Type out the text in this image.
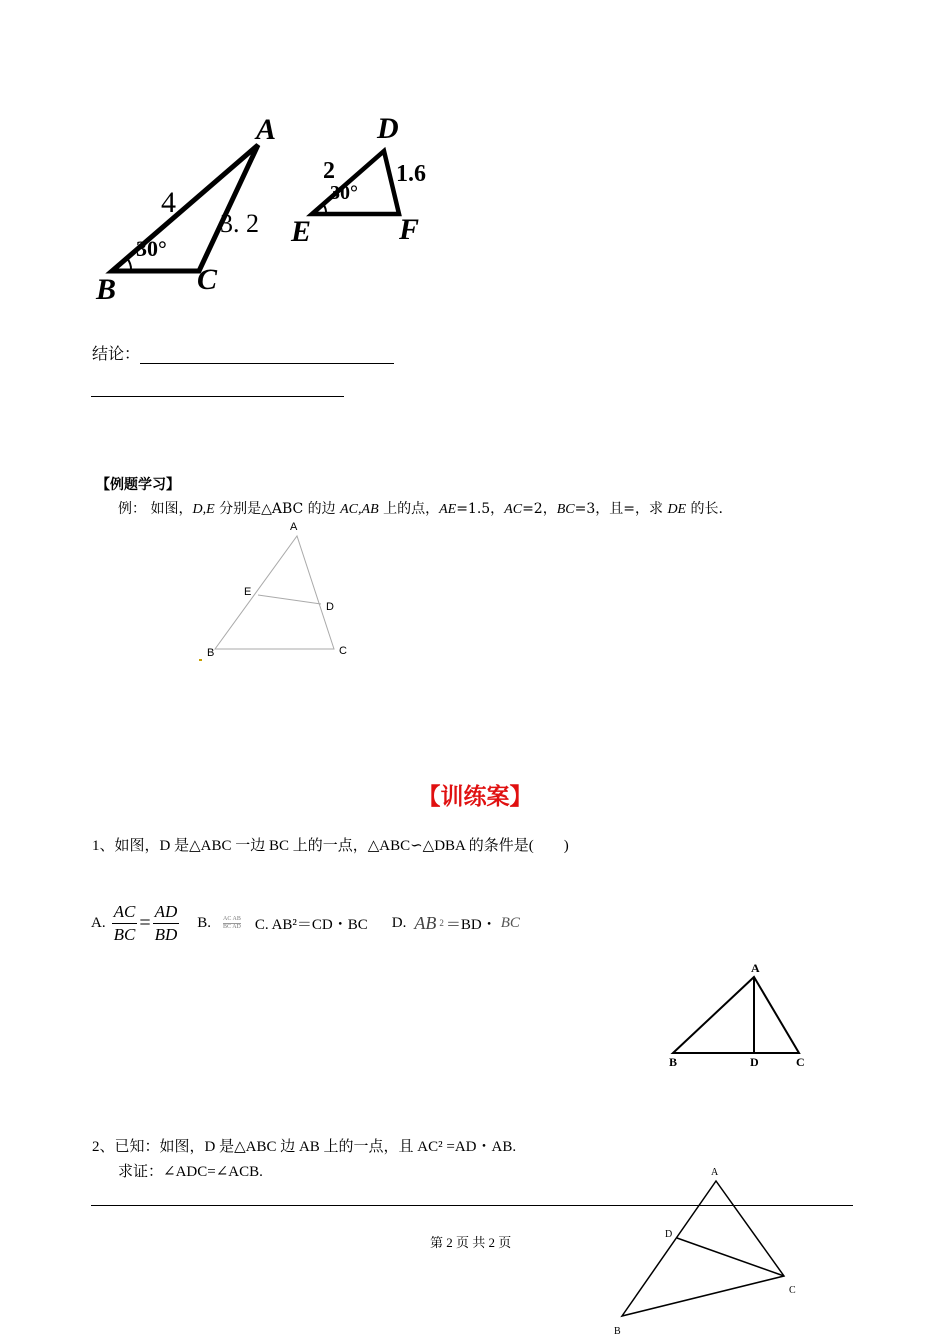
A
B	C
4
3. 2
30°
D
E	F
2	1.6
30°
结论：
【例题学习】
例： 如图，D,E 分别是△ABC 的边 AC,AB 上的点，AE=1.5，AC=2，BC=3，且=，求 DE 的长.
A
E
D
B	C
【训练案】
1、如图，D 是△ABC 一边 BC 上的一点，△ABC∽△DBA 的条件是(　　)
A. $\frac{AC}{BC} = \frac{AD}{BD} B$. $\frac{\text{AC AB}}{\text{BC AD}} C$. AB²＝CD・BC D. AB 2 ＝BD・ BC
A
B	D	C
2、已知：如图，D 是△ABC 边 AB 上的一点，且 AC² =AD・AB.
求证：∠ADC=∠ACB.	A
D
C
B
第 2 页 共 2 页
